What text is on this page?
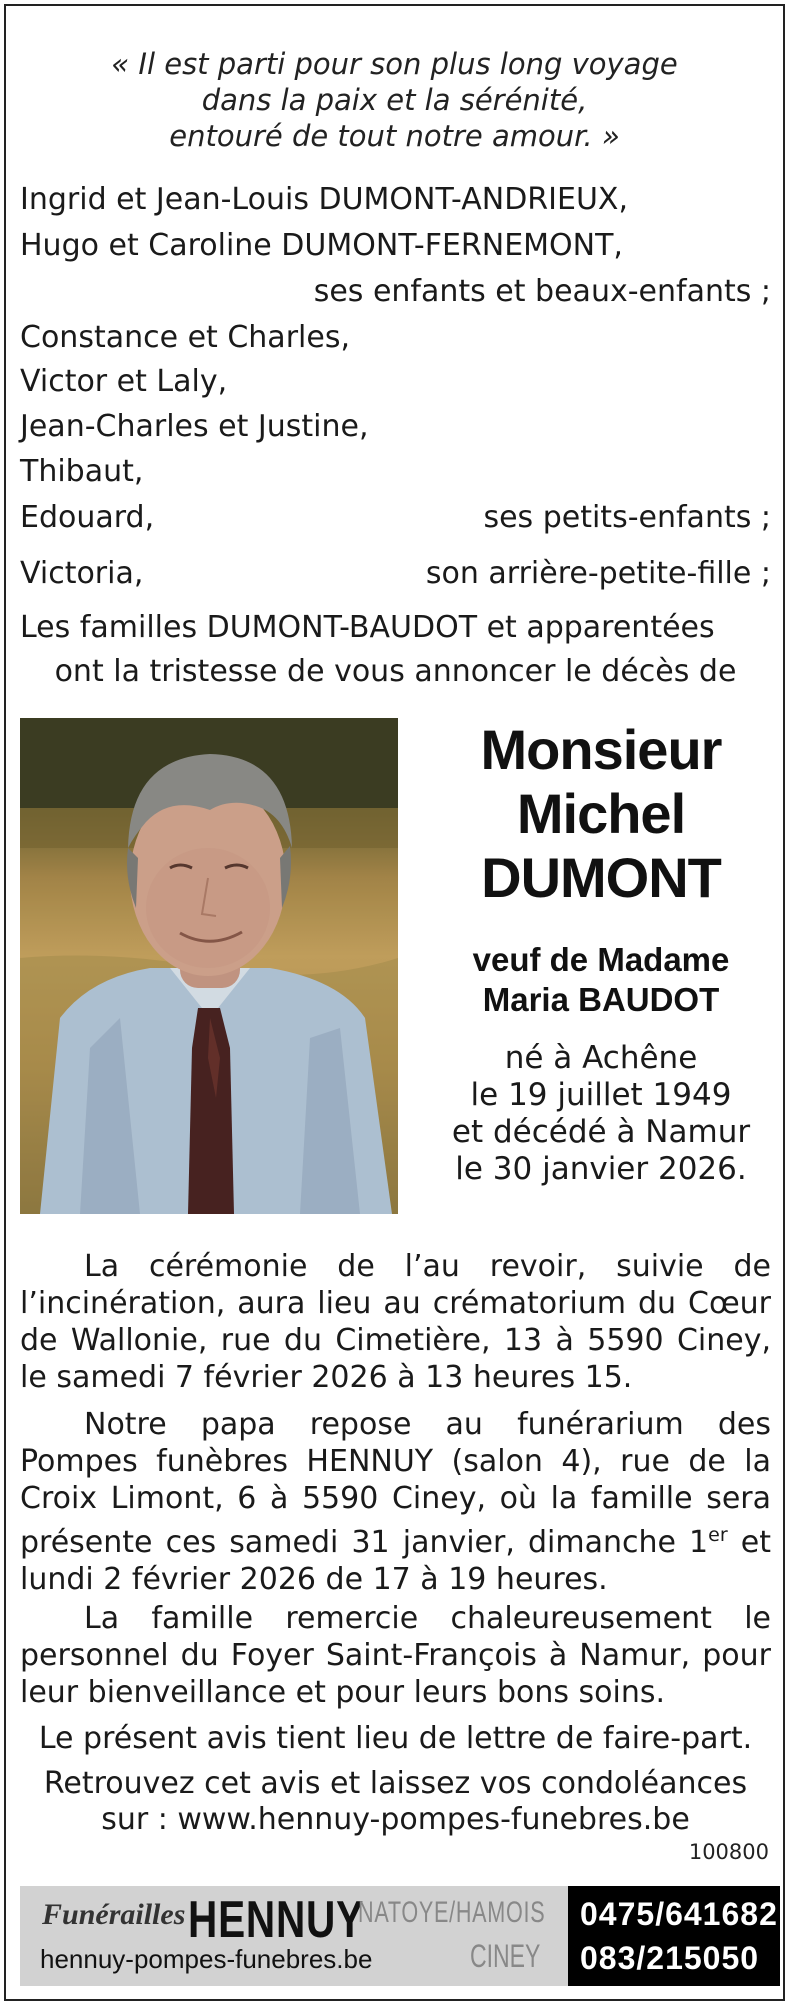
« Il est parti pour son plus long voyage
dans la paix et la sérénité,
entouré de tout notre amour. »
Ingrid et Jean-Louis DUMONT-ANDRIEUX,
Hugo et Caroline DUMONT-FERNEMONT,
ses enfants et beaux-enfants ;
Constance et Charles,
Victor et Laly,
Jean-Charles et Justine,
Thibaut,
Edouard,	ses petits-enfants ;
Victoria,	son arrière-petite-fille ;
Les familles DUMONT-BAUDOT et apparentées
ont la tristesse de vous annoncer le décès de
Monsieur
Michel
DUMONT
veuf de Madame
Maria BAUDOT
né à Achêne
le 19 juillet 1949
et décédé à Namur
le 30 janvier 2026.
La cérémonie de l’au revoir, suivie de l’incinération, aura lieu au crématorium du Cœur de Wallonie, rue du Cimetière, 13 à 5590 Ciney, le samedi 7 février 2026 à 13 heures 15.
Notre papa repose au funérarium des Pompes funèbres HENNUY (salon 4), rue de la Croix Limont, 6 à 5590 Ciney, où la famille sera présente ces samedi 31 janvier, dimanche 1er et lundi 2 février 2026 de 17 à 19 heures.
La famille remercie chaleureusement le personnel du Foyer Saint-François à Namur, pour leur bienveillance et pour leurs bons soins.
Le présent avis tient lieu de lettre de faire-part.
Retrouvez cet avis et laissez vos condoléances
sur : www.hennuy-pompes-funebres.be
100800
Funérailles HENNUY
NATOYE/HAMOIS
CINEY
hennuy-pompes-funebres.be
0475/641682
083/215050
